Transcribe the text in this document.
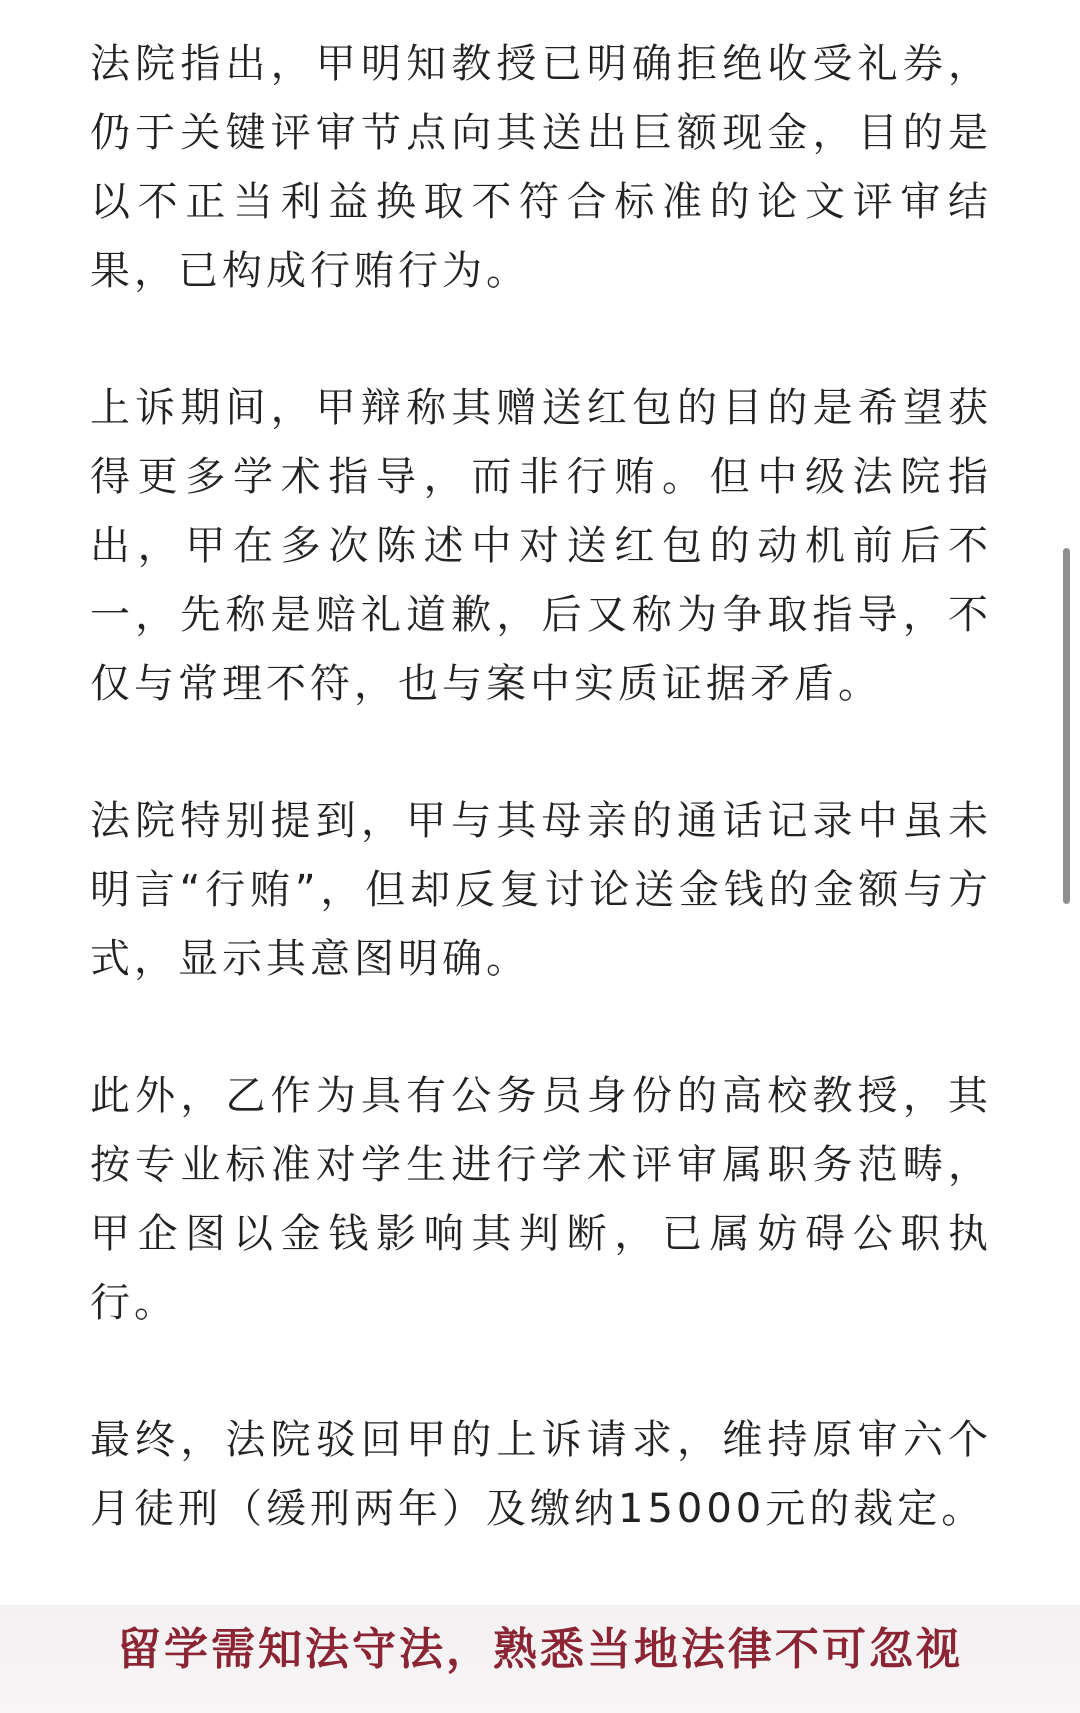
法院指出，甲明知教授已明确拒绝收受礼券，仍于关键评审节点向其送出巨额现金，目的是以不正当利益换取不符合标准的论文评审结果，已构成行贿行为。

上诉期间，甲辩称其赠送红包的目的是希望获得更多学术指导，而非行贿。但中级法院指出，甲在多次陈述中对送红包的动机前后不一，先称是赔礼道歉，后又称为争取指导，不仅与常理不符，也与案中实质证据矛盾。

法院特别提到，甲与其母亲的通话记录中虽未明言“行贿”，但却反复讨论送金钱的金额与方式，显示其意图明确。

此外，乙作为具有公务员身份的高校教授，其按专业标准对学生进行学术评审属职务范畴，甲企图以金钱影响其判断，已属妨碍公职执行。

最终，法院驳回甲的上诉请求，维持原审六个月徒刑（缓刑两年）及缴纳15000元的裁定。

留学需知法守法，熟悉当地法律不可忽视
